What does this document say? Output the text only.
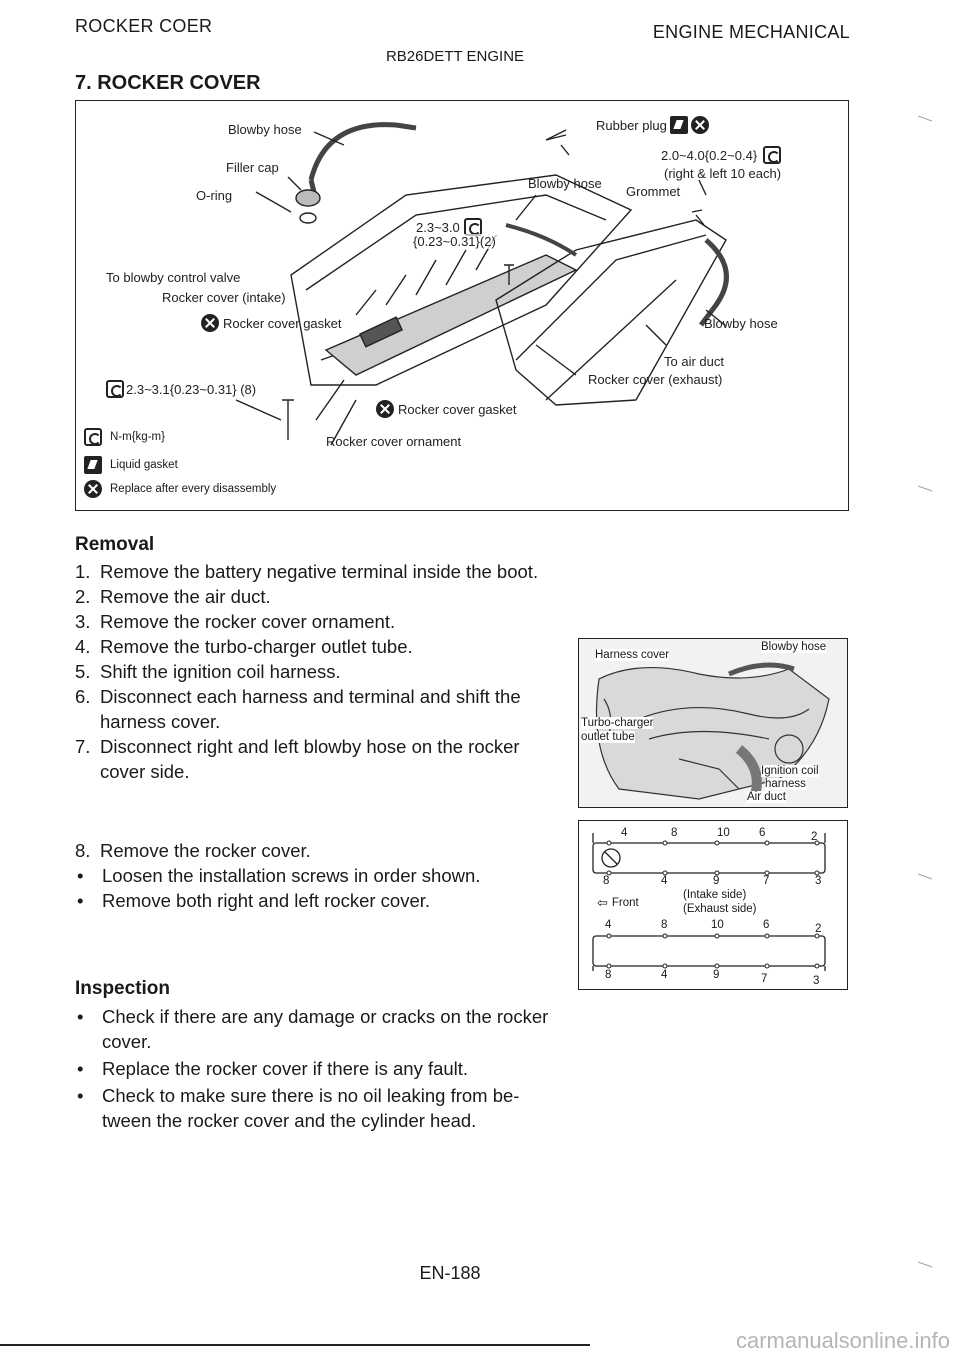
ROCKER COER	ENGINE MECHANICAL
RB26DETT ENGINE
7. ROCKER COVER
Blowby hose
Filler cap
O-ring
Rubber plug
2.0~4.0{0.2~0.4}
(right & left 10 each)
Blowby hose
Grommet
2.3~3.0
{0.23~0.31}(2)
To blowby control valve
Rocker cover (intake)
Rocker cover gasket	Blowby hose
To air duct
Rocker cover (exhaust)
2.3~3.1{0.23~0.31} (8)
Rocker cover gasket
Rocker cover ornament
N-m{kg-m}
Liquid gasket
Replace after every disassembly
Removal
1. Remove the battery negative terminal inside the boot.
2. Remove the air duct.
3. Remove the rocker cover ornament.
4. Remove the turbo-charger outlet tube.
5. Shift the ignition coil harness.
6. Disconnect each harness and terminal and shift the harness cover.
7. Disconnect right and left blowby hose on the rocker cover side.
8. Remove the rocker cover.
•	Loosen the installation screws in order shown.
•	Remove both right and left rocker cover.
Harness cover
Blowby hose
Turbo-charger
outlet tube
Ignition coil
harness
Air duct
4	8	10	6	2
8	4	9	7	3
⇦ Front
(Intake side)
(Exhaust side)
4	8	10	6	2
8	4	9	7	3
Inspection
•	Check if there are any damage or cracks on the rocker cover.
•	Replace the rocker cover if there is any fault.
•	Check to make sure there is no oil leaking from be-tween the rocker cover and the cylinder head.
EN-188
carmanualsonline.info
